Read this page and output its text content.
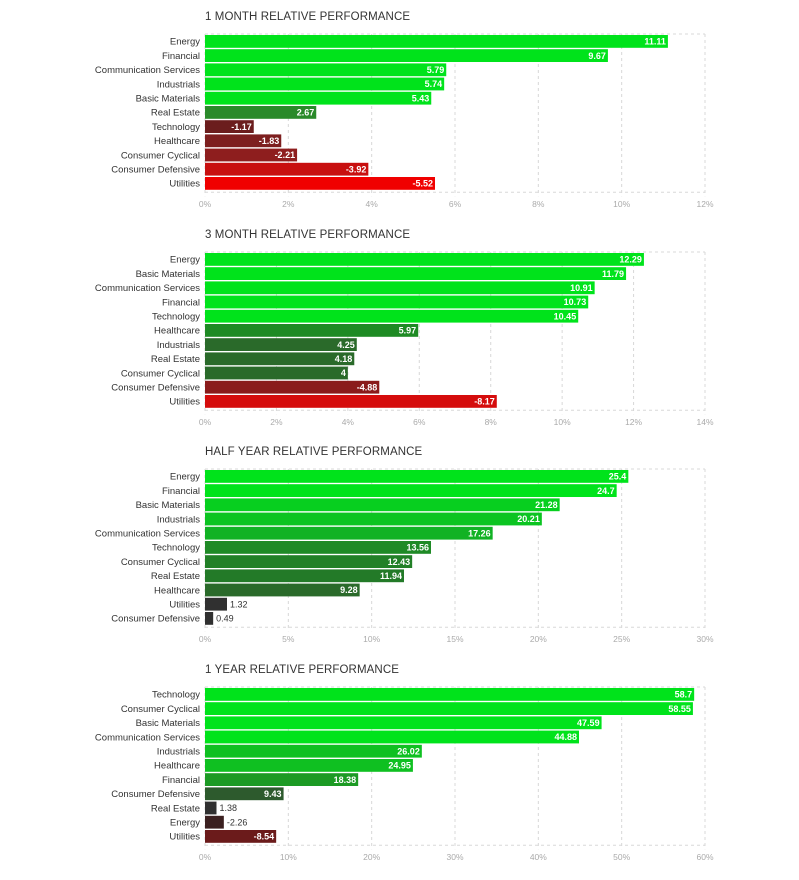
1 MONTH RELATIVE PERFORMANCE
0%	2%	4%	6%	8%	10%	12%
Energy	11.11
Financial	9.67
Communication Services	5.79
Industrials	5.74
Basic Materials	5.43
Real Estate	2.67
Technology	-1.17
Healthcare	-1.83
Consumer Cyclical	-2.21
Consumer Defensive	-3.92
Utilities	-5.52
3 MONTH RELATIVE PERFORMANCE
0%	2%	4%	6%	8%	10%	12%	14%
Energy	12.29
Basic Materials	11.79
Communication Services	10.91
Financial	10.73
Technology	10.45
Healthcare	5.97
Industrials	4.25
Real Estate	4.18
Consumer Cyclical	4
Consumer Defensive	-4.88
Utilities	-8.17
HALF YEAR RELATIVE PERFORMANCE
0%	5%	10%	15%	20%	25%	30%
Energy	25.4
Financial	24.7
Basic Materials	21.28
Industrials	20.21
Communication Services	17.26
Technology	13.56
Consumer Cyclical	12.43
Real Estate	11.94
Healthcare	9.28
Utilities	1.32
Consumer Defensive 0.49
1 YEAR RELATIVE PERFORMANCE
0%	10%	20%	30%	40%	50%	60%
Technology	58.7
Consumer Cyclical	58.55
Basic Materials	47.59
Communication Services	44.88
Industrials	26.02
Healthcare	24.95
Financial	18.38
Consumer Defensive	9.43
Real Estate 1.38
Energy	-2.26
Utilities	-8.54
